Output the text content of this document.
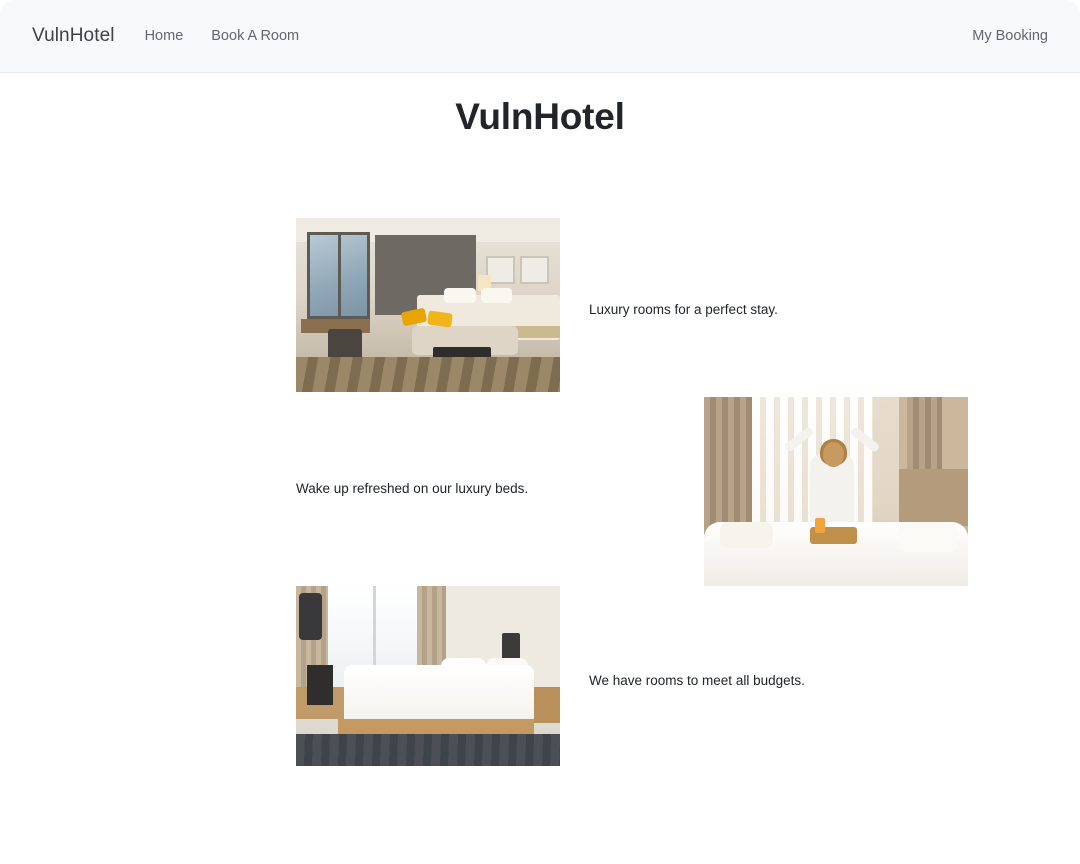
VulnHotel Home Book A Room	My Booking
VulnHotel
Luxury rooms for a perfect stay.
Wake up refreshed on our luxury beds.
We have rooms to meet all budgets.
